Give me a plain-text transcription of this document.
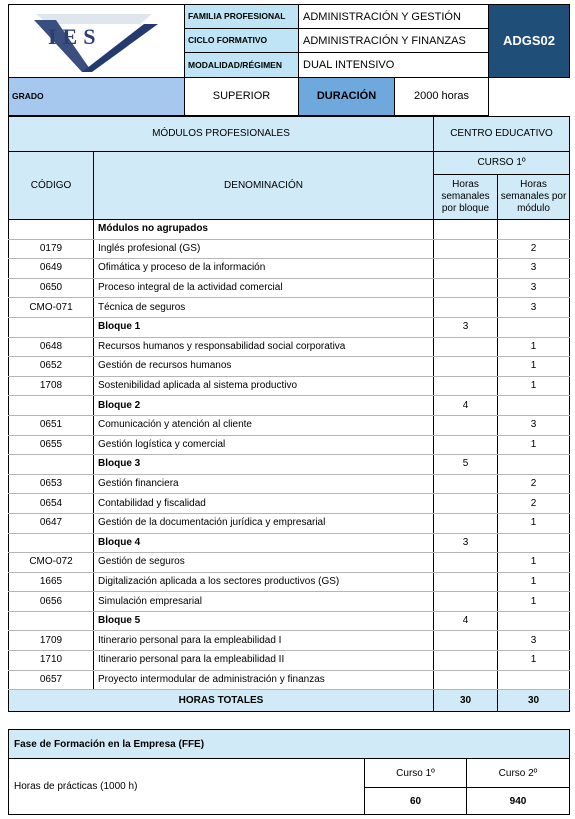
IES	FAMILIA PROFESIONAL	ADMINISTRACIÓN Y GESTIÓN		ADGS02
	CICLO FORMATIVO	ADMINISTRACIÓN Y FINANZAS		
	MODALIDAD/RÉGIMEN	DUAL INTENSIVO		
GRADO	SUPERIOR	DURACIÓN	2000 horas	
MÓDULOS PROFESIONALES		CENTRO EDUCATIVO	
CÓDIGO	DENOMINACIÓN	CURSO 1º	
		Horas semanales por bloque	Horas semanales por módulo
	Módulos no agrupados		
0179	Inglés profesional (GS)		2
0649	Ofimática y proceso de la información		3
0650	Proceso integral de la actividad comercial		3
CMO-071	Técnica de seguros		3
	Bloque 1	3	
0648	Recursos humanos y responsabilidad social corporativa		1
0652	Gestión de recursos humanos		1
1708	Sostenibilidad aplicada al sistema productivo		1
	Bloque 2	4	
0651	Comunicación y atención al cliente		3
0655	Gestión logística y comercial		1
	Bloque 3	5	
0653	Gestión financiera		2
0654	Contabilidad y fiscalidad		2
0647	Gestión de la documentación jurídica y empresarial		1
	Bloque 4	3	
CMO-072	Gestión de seguros		1
1665	Digitalización aplicada a los sectores productivos (GS)		1
0656	Simulación empresarial		1
	Bloque 5	4	
1709	Itinerario personal para la empleabilidad I		3
1710	Itinerario personal para la empleabilidad II		1
0657	Proyecto intermodular de administración y finanzas		
HORAS TOTALES		30	30
Fase de Formación en la Empresa (FFE)		
Horas de prácticas (1000 h)	Curso 1º	Curso 2º
	60	940
